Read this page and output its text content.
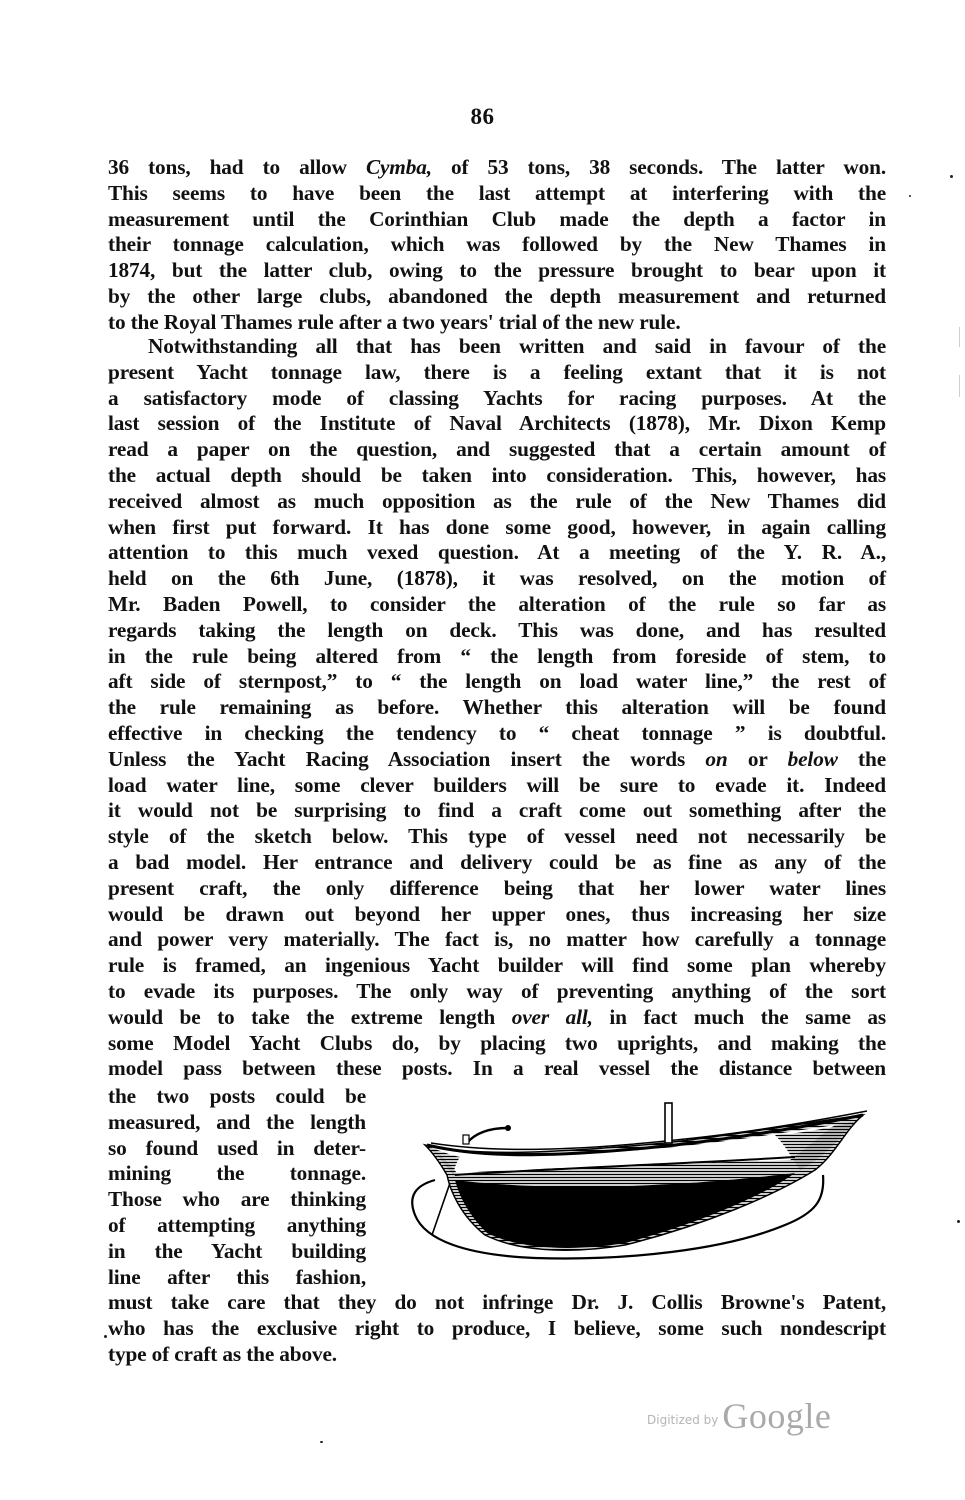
86
36 tons, had to allow Cymba, of 53 tons, 38 seconds. The latter won.
This seems to have been the last attempt at interfering with the
measurement until the Corinthian Club made the depth a factor in
their tonnage calculation, which was followed by the New Thames in
1874, but the latter club, owing to the pressure brought to bear upon it
by the other large clubs, abandoned the depth measurement and returned
to the Royal Thames rule after a two years' trial of the new rule.
Notwithstanding all that has been written and said in favour of the
present Yacht tonnage law, there is a feeling extant that it is not
a satisfactory mode of classing Yachts for racing purposes. At the
last session of the Institute of Naval Architects (1878), Mr. Dixon Kemp
read a paper on the question, and suggested that a certain amount of
the actual depth should be taken into consideration. This, however, has
received almost as much opposition as the rule of the New Thames did
when first put forward. It has done some good, however, in again calling
attention to this much vexed question. At a meeting of the Y. R. A.,
held on the 6th June, (1878), it was resolved, on the motion of
Mr. Baden Powell, to consider the alteration of the rule so far as
regards taking the length on deck. This was done, and has resulted
in the rule being altered from “ the length from foreside of stem, to
aft side of sternpost,” to “ the length on load water line,” the rest of
the rule remaining as before. Whether this alteration will be found
effective in checking the tendency to “ cheat tonnage ” is doubtful.
Unless the Yacht Racing Association insert the words on or below the
load water line, some clever builders will be sure to evade it. Indeed
it would not be surprising to find a craft come out something after the
style of the sketch below. This type of vessel need not necessarily be
a bad model. Her entrance and delivery could be as fine as any of the
present craft, the only difference being that her lower water lines
would be drawn out beyond her upper ones, thus increasing her size
and power very materially. The fact is, no matter how carefully a tonnage
rule is framed, an ingenious Yacht builder will find some plan whereby
to evade its purposes. The only way of preventing anything of the sort
would be to take the extreme length over all, in fact much the same as
some Model Yacht Clubs do, by placing two uprights, and making the
model pass between these posts. In a real vessel the distance between
the two posts could be
measured, and the length
so found used in deter-
mining the tonnage.
Those who are thinking
of attempting anything
in the Yacht building
line after this fashion,
must take care that they do not infringe Dr. J. Collis Browne's Patent,
who has the exclusive right to produce, I believe, some such nondescript
type of craft as the above.
$^{Digitized by}$ Google
